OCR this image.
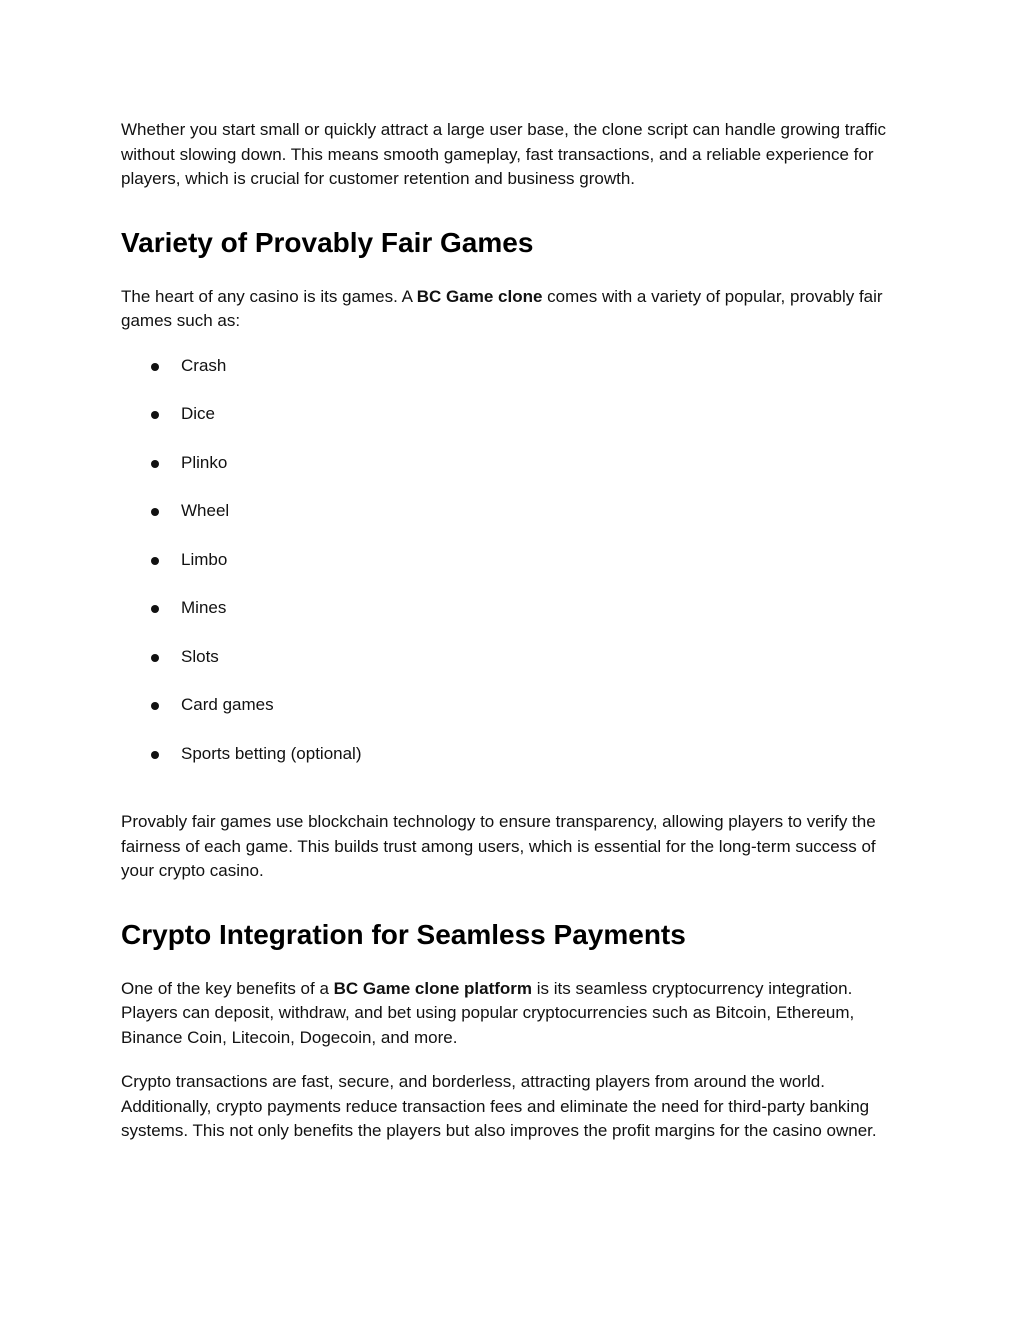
Whether you start small or quickly attract a large user base, the clone script can handle growing traffic without slowing down. This means smooth gameplay, fast transactions, and a reliable experience for players, which is crucial for customer retention and business growth.

Variety of Provably Fair Games

The heart of any casino is its games. A BC Game clone comes with a variety of popular, provably fair games such as:

Crash
Dice
Plinko
Wheel
Limbo
Mines
Slots
Card games
Sports betting (optional)

Provably fair games use blockchain technology to ensure transparency, allowing players to verify the fairness of each game. This builds trust among users, which is essential for the long-term success of your crypto casino.

Crypto Integration for Seamless Payments

One of the key benefits of a BC Game clone platform is its seamless cryptocurrency integration. Players can deposit, withdraw, and bet using popular cryptocurrencies such as Bitcoin, Ethereum, Binance Coin, Litecoin, Dogecoin, and more.

Crypto transactions are fast, secure, and borderless, attracting players from around the world. Additionally, crypto payments reduce transaction fees and eliminate the need for third-party banking systems. This not only benefits the players but also improves the profit margins for the casino owner.
